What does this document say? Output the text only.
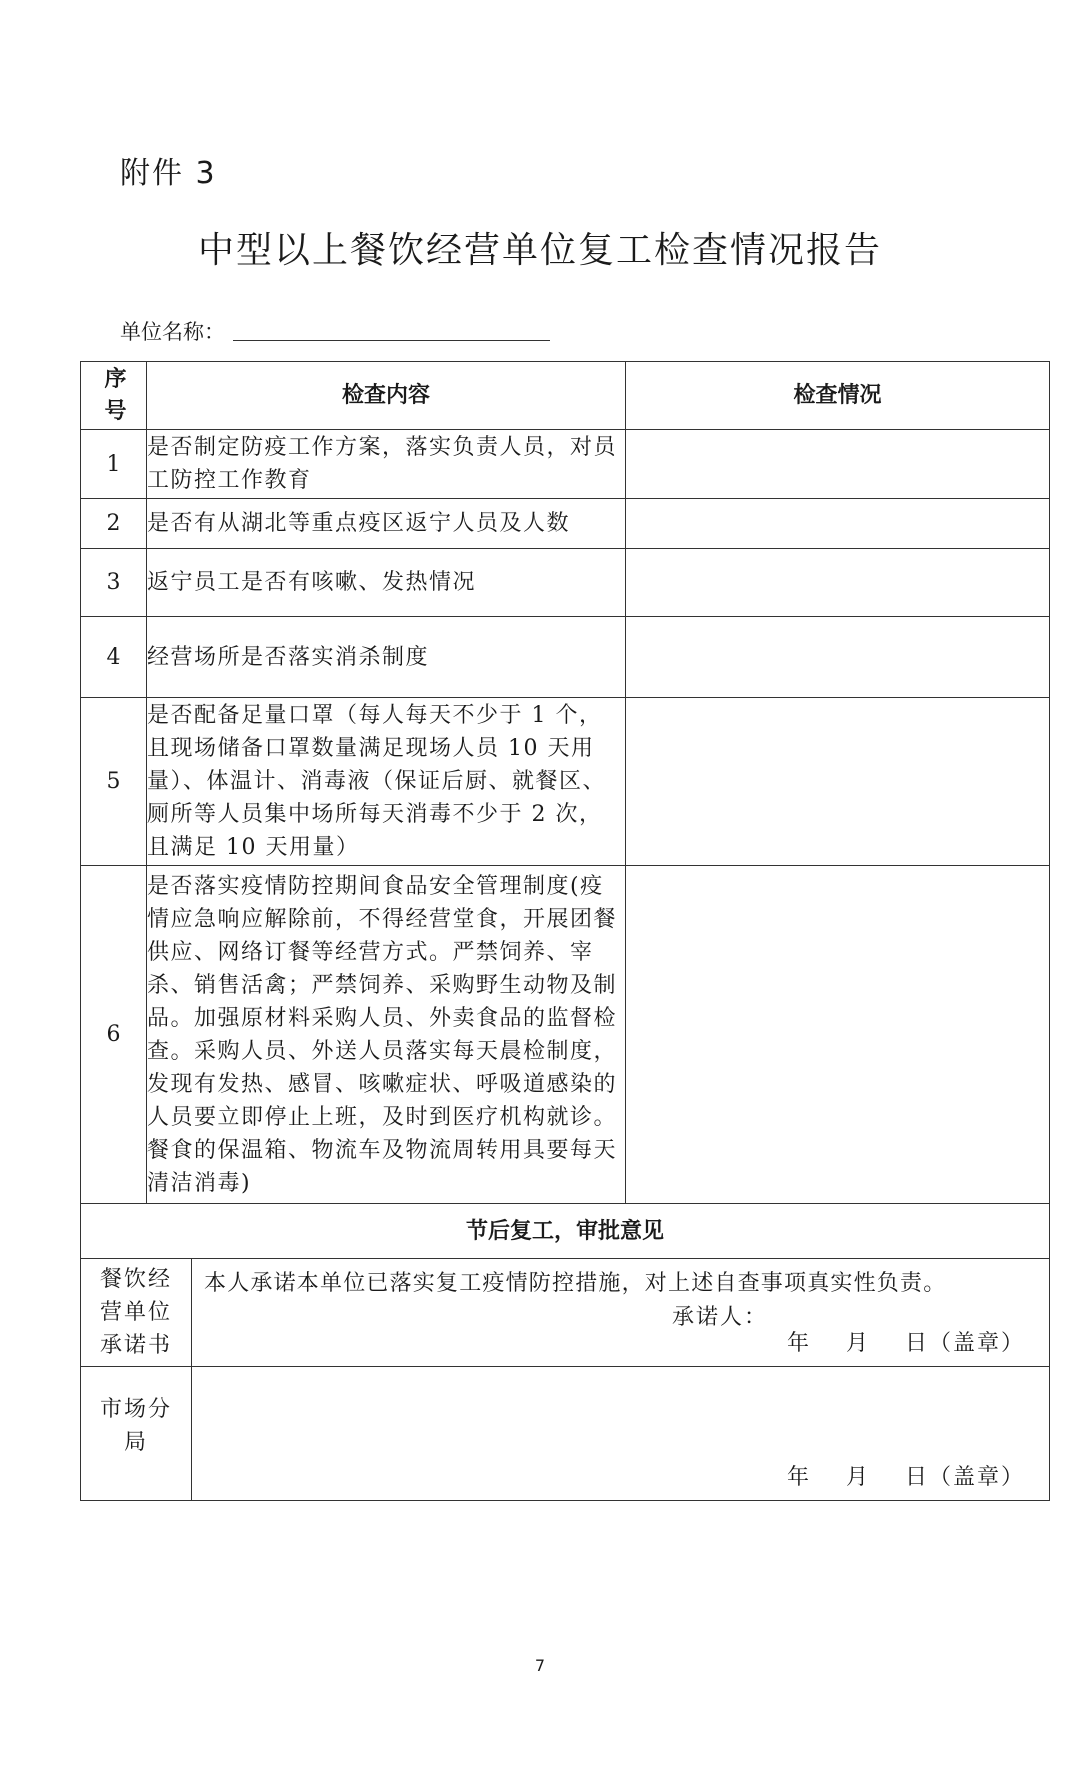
附件 3
中型以上餐饮经营单位复工检查情况报告
单位名称：
序号	检查内容		检查情况
1	是否制定防疫工作方案，落实负责人员，对员工防控工作教育		
2	是否有从湖北等重点疫区返宁人员及人数		
3	返宁员工是否有咳嗽、发热情况		
4	经营场所是否落实消杀制度		
5	是否配备足量口罩（每人每天不少于 1 个，且现场储备口罩数量满足现场人员 10 天用量）、体温计、消毒液（保证后厨、就餐区、厕所等人员集中场所每天消毒不少于 2 次，且满足 10 天用量）		
6	是否落实疫情防控期间食品安全管理制度(疫情应急响应解除前，不得经营堂食，开展团餐供应、网络订餐等经营方式。严禁饲养、宰杀、销售活禽；严禁饲养、采购野生动物及制品。加强原材料采购人员、外卖食品的监督检查。采购人员、外送人员落实每天晨检制度，发现有发热、感冒、咳嗽症状、呼吸道感染的人员要立即停止上班，及时到医疗机构就诊。餐食的保温箱、物流车及物流周转用具要每天清洁消毒)		
节后复工，审批意见			

餐饮经营单位承诺书		本人承诺本单位已落实复工疫情防控措施，对上述自查事项真实性负责。
承诺人：
年 月 日（盖章）	

市场分局		年 月 日（盖章）	
7
